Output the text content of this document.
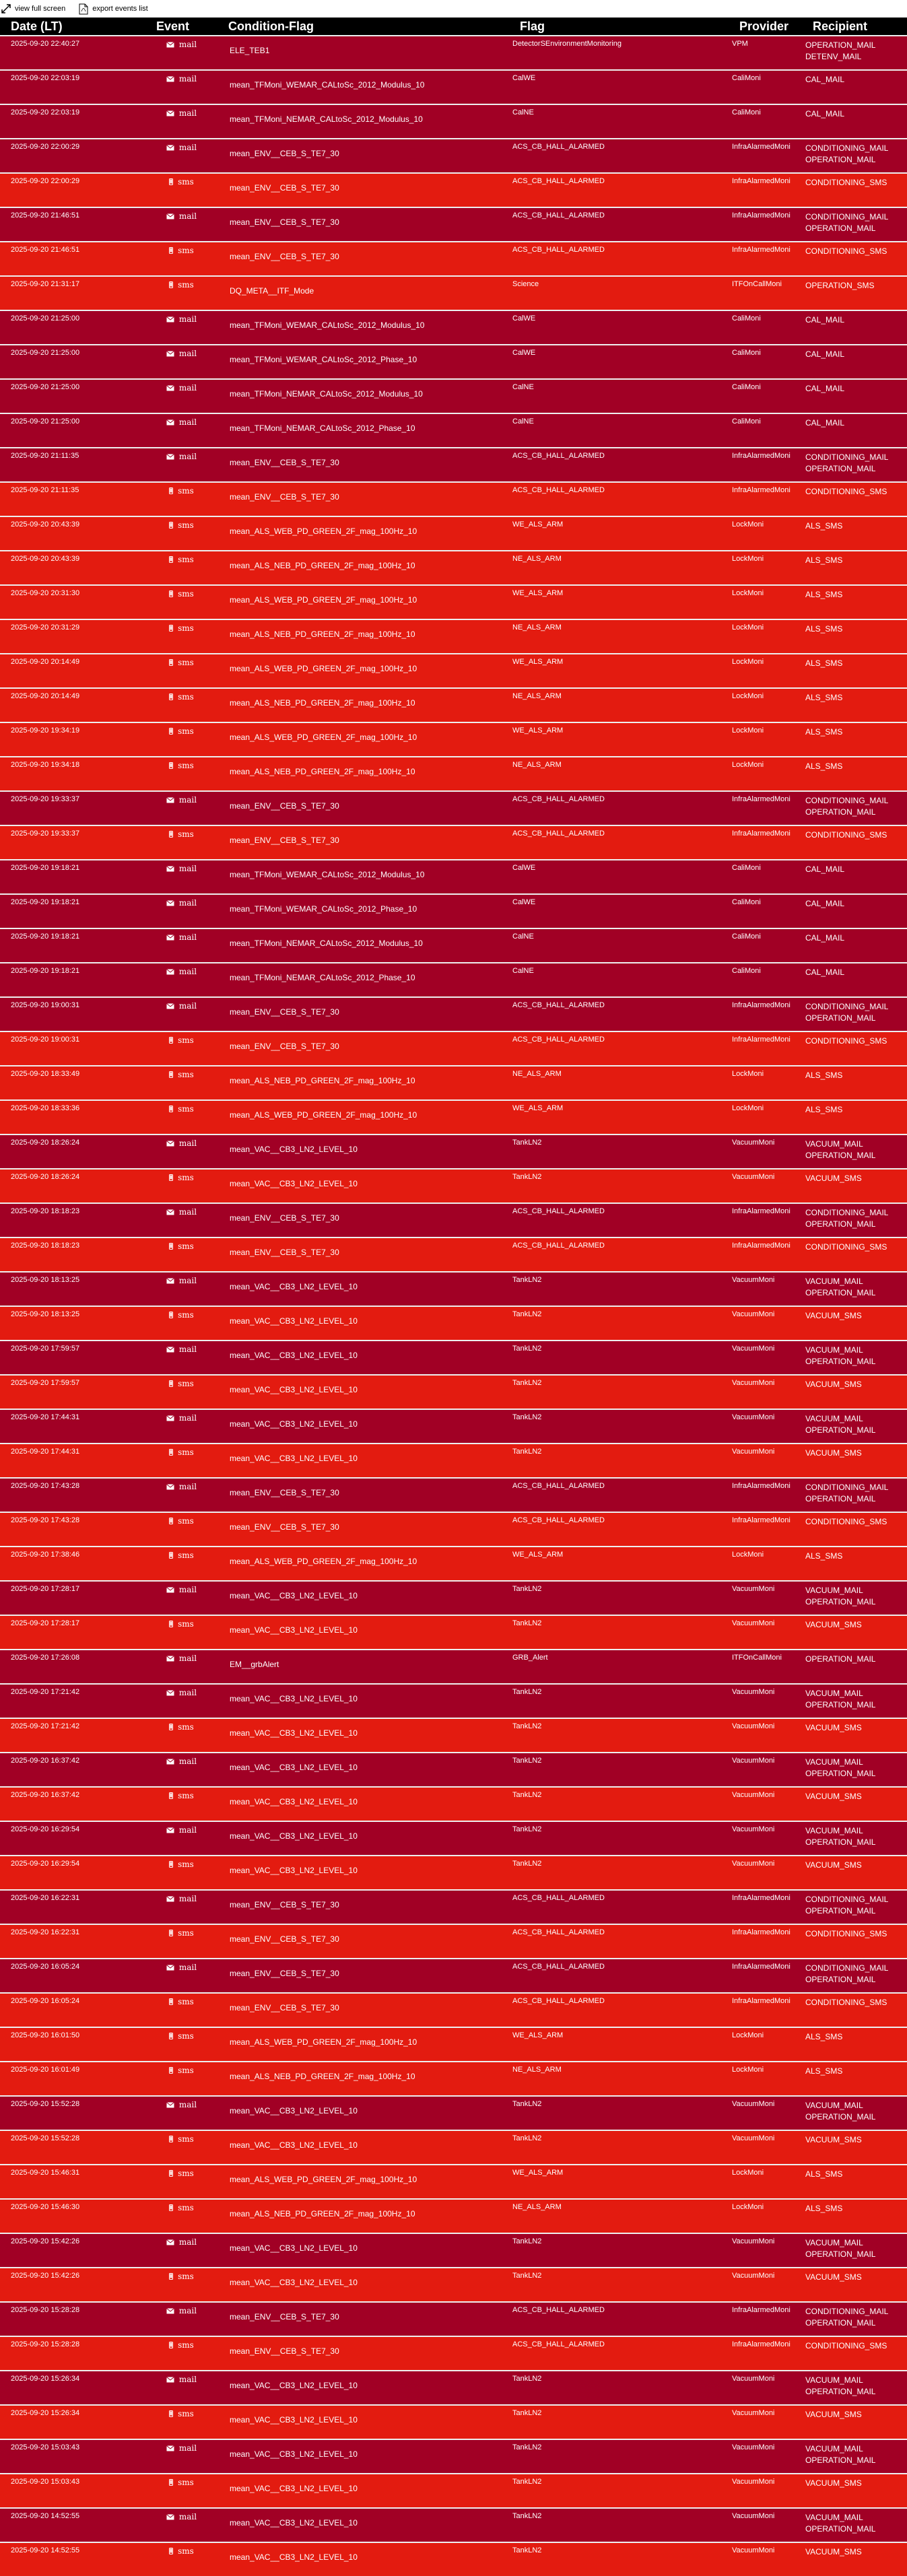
view full screen	export events list
Date (LT)	Event	Condition-Flag	Flag	Provider	Recipient
2025-09-20 22:40:27	mail	ELE_TEB1	DetectorSEnvironmentMonitoring	VPM	OPERATION_MAIL
DETENV_MAIL

2025-09-20 22:03:19	mail	mean_TFMoni_WEMAR_CALtoSc_2012_Modulus_10	CalWE	CaliMoni	CAL_MAIL

2025-09-20 22:03:19	mail	mean_TFMoni_NEMAR_CALtoSc_2012_Modulus_10	CalNE	CaliMoni	CAL_MAIL

2025-09-20 22:00:29	mail	mean_ENV__CEB_S_TE7_30	ACS_CB_HALL_ALARMED	InfraAlarmedMoni	CONDITIONING_MAIL
OPERATION_MAIL

2025-09-20 22:00:29	sms	mean_ENV__CEB_S_TE7_30	ACS_CB_HALL_ALARMED	InfraAlarmedMoni	CONDITIONING_SMS

2025-09-20 21:46:51	mail	mean_ENV__CEB_S_TE7_30	ACS_CB_HALL_ALARMED	InfraAlarmedMoni	CONDITIONING_MAIL
OPERATION_MAIL

2025-09-20 21:46:51	sms	mean_ENV__CEB_S_TE7_30	ACS_CB_HALL_ALARMED	InfraAlarmedMoni	CONDITIONING_SMS

2025-09-20 21:31:17	sms	DQ_META__ITF_Mode	Science	ITFOnCallMoni	OPERATION_SMS

2025-09-20 21:25:00	mail	mean_TFMoni_WEMAR_CALtoSc_2012_Modulus_10	CalWE	CaliMoni	CAL_MAIL

2025-09-20 21:25:00	mail	mean_TFMoni_WEMAR_CALtoSc_2012_Phase_10	CalWE	CaliMoni	CAL_MAIL

2025-09-20 21:25:00	mail	mean_TFMoni_NEMAR_CALtoSc_2012_Modulus_10	CalNE	CaliMoni	CAL_MAIL

2025-09-20 21:25:00	mail	mean_TFMoni_NEMAR_CALtoSc_2012_Phase_10	CalNE	CaliMoni	CAL_MAIL

2025-09-20 21:11:35	mail	mean_ENV__CEB_S_TE7_30	ACS_CB_HALL_ALARMED	InfraAlarmedMoni	CONDITIONING_MAIL
OPERATION_MAIL

2025-09-20 21:11:35	sms	mean_ENV__CEB_S_TE7_30	ACS_CB_HALL_ALARMED	InfraAlarmedMoni	CONDITIONING_SMS

2025-09-20 20:43:39	sms	mean_ALS_WEB_PD_GREEN_2F_mag_100Hz_10	WE_ALS_ARM	LockMoni	ALS_SMS

2025-09-20 20:43:39	sms	mean_ALS_NEB_PD_GREEN_2F_mag_100Hz_10	NE_ALS_ARM	LockMoni	ALS_SMS

2025-09-20 20:31:30	sms	mean_ALS_WEB_PD_GREEN_2F_mag_100Hz_10	WE_ALS_ARM	LockMoni	ALS_SMS

2025-09-20 20:31:29	sms	mean_ALS_NEB_PD_GREEN_2F_mag_100Hz_10	NE_ALS_ARM	LockMoni	ALS_SMS

2025-09-20 20:14:49	sms	mean_ALS_WEB_PD_GREEN_2F_mag_100Hz_10	WE_ALS_ARM	LockMoni	ALS_SMS

2025-09-20 20:14:49	sms	mean_ALS_NEB_PD_GREEN_2F_mag_100Hz_10	NE_ALS_ARM	LockMoni	ALS_SMS

2025-09-20 19:34:19	sms	mean_ALS_WEB_PD_GREEN_2F_mag_100Hz_10	WE_ALS_ARM	LockMoni	ALS_SMS

2025-09-20 19:34:18	sms	mean_ALS_NEB_PD_GREEN_2F_mag_100Hz_10	NE_ALS_ARM	LockMoni	ALS_SMS

2025-09-20 19:33:37	mail	mean_ENV__CEB_S_TE7_30	ACS_CB_HALL_ALARMED	InfraAlarmedMoni	CONDITIONING_MAIL
OPERATION_MAIL

2025-09-20 19:33:37	sms	mean_ENV__CEB_S_TE7_30	ACS_CB_HALL_ALARMED	InfraAlarmedMoni	CONDITIONING_SMS

2025-09-20 19:18:21	mail	mean_TFMoni_WEMAR_CALtoSc_2012_Modulus_10	CalWE	CaliMoni	CAL_MAIL

2025-09-20 19:18:21	mail	mean_TFMoni_WEMAR_CALtoSc_2012_Phase_10	CalWE	CaliMoni	CAL_MAIL

2025-09-20 19:18:21	mail	mean_TFMoni_NEMAR_CALtoSc_2012_Modulus_10	CalNE	CaliMoni	CAL_MAIL

2025-09-20 19:18:21	mail	mean_TFMoni_NEMAR_CALtoSc_2012_Phase_10	CalNE	CaliMoni	CAL_MAIL

2025-09-20 19:00:31	mail	mean_ENV__CEB_S_TE7_30	ACS_CB_HALL_ALARMED	InfraAlarmedMoni	CONDITIONING_MAIL
OPERATION_MAIL

2025-09-20 19:00:31	sms	mean_ENV__CEB_S_TE7_30	ACS_CB_HALL_ALARMED	InfraAlarmedMoni	CONDITIONING_SMS

2025-09-20 18:33:49	sms	mean_ALS_NEB_PD_GREEN_2F_mag_100Hz_10	NE_ALS_ARM	LockMoni	ALS_SMS

2025-09-20 18:33:36	sms	mean_ALS_WEB_PD_GREEN_2F_mag_100Hz_10	WE_ALS_ARM	LockMoni	ALS_SMS

2025-09-20 18:26:24	mail	mean_VAC__CB3_LN2_LEVEL_10	TankLN2	VacuumMoni	VACUUM_MAIL
OPERATION_MAIL

2025-09-20 18:26:24	sms	mean_VAC__CB3_LN2_LEVEL_10	TankLN2	VacuumMoni	VACUUM_SMS

2025-09-20 18:18:23	mail	mean_ENV__CEB_S_TE7_30	ACS_CB_HALL_ALARMED	InfraAlarmedMoni	CONDITIONING_MAIL
OPERATION_MAIL

2025-09-20 18:18:23	sms	mean_ENV__CEB_S_TE7_30	ACS_CB_HALL_ALARMED	InfraAlarmedMoni	CONDITIONING_SMS

2025-09-20 18:13:25	mail	mean_VAC__CB3_LN2_LEVEL_10	TankLN2	VacuumMoni	VACUUM_MAIL
OPERATION_MAIL

2025-09-20 18:13:25	sms	mean_VAC__CB3_LN2_LEVEL_10	TankLN2	VacuumMoni	VACUUM_SMS

2025-09-20 17:59:57	mail	mean_VAC__CB3_LN2_LEVEL_10	TankLN2	VacuumMoni	VACUUM_MAIL
OPERATION_MAIL

2025-09-20 17:59:57	sms	mean_VAC__CB3_LN2_LEVEL_10	TankLN2	VacuumMoni	VACUUM_SMS

2025-09-20 17:44:31	mail	mean_VAC__CB3_LN2_LEVEL_10	TankLN2	VacuumMoni	VACUUM_MAIL
OPERATION_MAIL

2025-09-20 17:44:31	sms	mean_VAC__CB3_LN2_LEVEL_10	TankLN2	VacuumMoni	VACUUM_SMS

2025-09-20 17:43:28	mail	mean_ENV__CEB_S_TE7_30	ACS_CB_HALL_ALARMED	InfraAlarmedMoni	CONDITIONING_MAIL
OPERATION_MAIL

2025-09-20 17:43:28	sms	mean_ENV__CEB_S_TE7_30	ACS_CB_HALL_ALARMED	InfraAlarmedMoni	CONDITIONING_SMS

2025-09-20 17:38:46	sms	mean_ALS_WEB_PD_GREEN_2F_mag_100Hz_10	WE_ALS_ARM	LockMoni	ALS_SMS

2025-09-20 17:28:17	mail	mean_VAC__CB3_LN2_LEVEL_10	TankLN2	VacuumMoni	VACUUM_MAIL
OPERATION_MAIL

2025-09-20 17:28:17	sms	mean_VAC__CB3_LN2_LEVEL_10	TankLN2	VacuumMoni	VACUUM_SMS

2025-09-20 17:26:08	mail	EM__grbAlert	GRB_Alert	ITFOnCallMoni	OPERATION_MAIL

2025-09-20 17:21:42	mail	mean_VAC__CB3_LN2_LEVEL_10	TankLN2	VacuumMoni	VACUUM_MAIL
OPERATION_MAIL

2025-09-20 17:21:42	sms	mean_VAC__CB3_LN2_LEVEL_10	TankLN2	VacuumMoni	VACUUM_SMS

2025-09-20 16:37:42	mail	mean_VAC__CB3_LN2_LEVEL_10	TankLN2	VacuumMoni	VACUUM_MAIL
OPERATION_MAIL

2025-09-20 16:37:42	sms	mean_VAC__CB3_LN2_LEVEL_10	TankLN2	VacuumMoni	VACUUM_SMS

2025-09-20 16:29:54	mail	mean_VAC__CB3_LN2_LEVEL_10	TankLN2	VacuumMoni	VACUUM_MAIL
OPERATION_MAIL

2025-09-20 16:29:54	sms	mean_VAC__CB3_LN2_LEVEL_10	TankLN2	VacuumMoni	VACUUM_SMS

2025-09-20 16:22:31	mail	mean_ENV__CEB_S_TE7_30	ACS_CB_HALL_ALARMED	InfraAlarmedMoni	CONDITIONING_MAIL
OPERATION_MAIL

2025-09-20 16:22:31	sms	mean_ENV__CEB_S_TE7_30	ACS_CB_HALL_ALARMED	InfraAlarmedMoni	CONDITIONING_SMS

2025-09-20 16:05:24	mail	mean_ENV__CEB_S_TE7_30	ACS_CB_HALL_ALARMED	InfraAlarmedMoni	CONDITIONING_MAIL
OPERATION_MAIL

2025-09-20 16:05:24	sms	mean_ENV__CEB_S_TE7_30	ACS_CB_HALL_ALARMED	InfraAlarmedMoni	CONDITIONING_SMS

2025-09-20 16:01:50	sms	mean_ALS_WEB_PD_GREEN_2F_mag_100Hz_10	WE_ALS_ARM	LockMoni	ALS_SMS

2025-09-20 16:01:49	sms	mean_ALS_NEB_PD_GREEN_2F_mag_100Hz_10	NE_ALS_ARM	LockMoni	ALS_SMS

2025-09-20 15:52:28	mail	mean_VAC__CB3_LN2_LEVEL_10	TankLN2	VacuumMoni	VACUUM_MAIL
OPERATION_MAIL

2025-09-20 15:52:28	sms	mean_VAC__CB3_LN2_LEVEL_10	TankLN2	VacuumMoni	VACUUM_SMS

2025-09-20 15:46:31	sms	mean_ALS_WEB_PD_GREEN_2F_mag_100Hz_10	WE_ALS_ARM	LockMoni	ALS_SMS

2025-09-20 15:46:30	sms	mean_ALS_NEB_PD_GREEN_2F_mag_100Hz_10	NE_ALS_ARM	LockMoni	ALS_SMS

2025-09-20 15:42:26	mail	mean_VAC__CB3_LN2_LEVEL_10	TankLN2	VacuumMoni	VACUUM_MAIL
OPERATION_MAIL

2025-09-20 15:42:26	sms	mean_VAC__CB3_LN2_LEVEL_10	TankLN2	VacuumMoni	VACUUM_SMS

2025-09-20 15:28:28	mail	mean_ENV__CEB_S_TE7_30	ACS_CB_HALL_ALARMED	InfraAlarmedMoni	CONDITIONING_MAIL
OPERATION_MAIL

2025-09-20 15:28:28	sms	mean_ENV__CEB_S_TE7_30	ACS_CB_HALL_ALARMED	InfraAlarmedMoni	CONDITIONING_SMS

2025-09-20 15:26:34	mail	mean_VAC__CB3_LN2_LEVEL_10	TankLN2	VacuumMoni	VACUUM_MAIL
OPERATION_MAIL

2025-09-20 15:26:34	sms	mean_VAC__CB3_LN2_LEVEL_10	TankLN2	VacuumMoni	VACUUM_SMS

2025-09-20 15:03:43	mail	mean_VAC__CB3_LN2_LEVEL_10	TankLN2	VacuumMoni	VACUUM_MAIL
OPERATION_MAIL

2025-09-20 15:03:43	sms	mean_VAC__CB3_LN2_LEVEL_10	TankLN2	VacuumMoni	VACUUM_SMS

2025-09-20 14:52:55	mail	mean_VAC__CB3_LN2_LEVEL_10	TankLN2	VacuumMoni	VACUUM_MAIL
OPERATION_MAIL

2025-09-20 14:52:55	sms	mean_VAC__CB3_LN2_LEVEL_10	TankLN2	VacuumMoni	VACUUM_SMS
